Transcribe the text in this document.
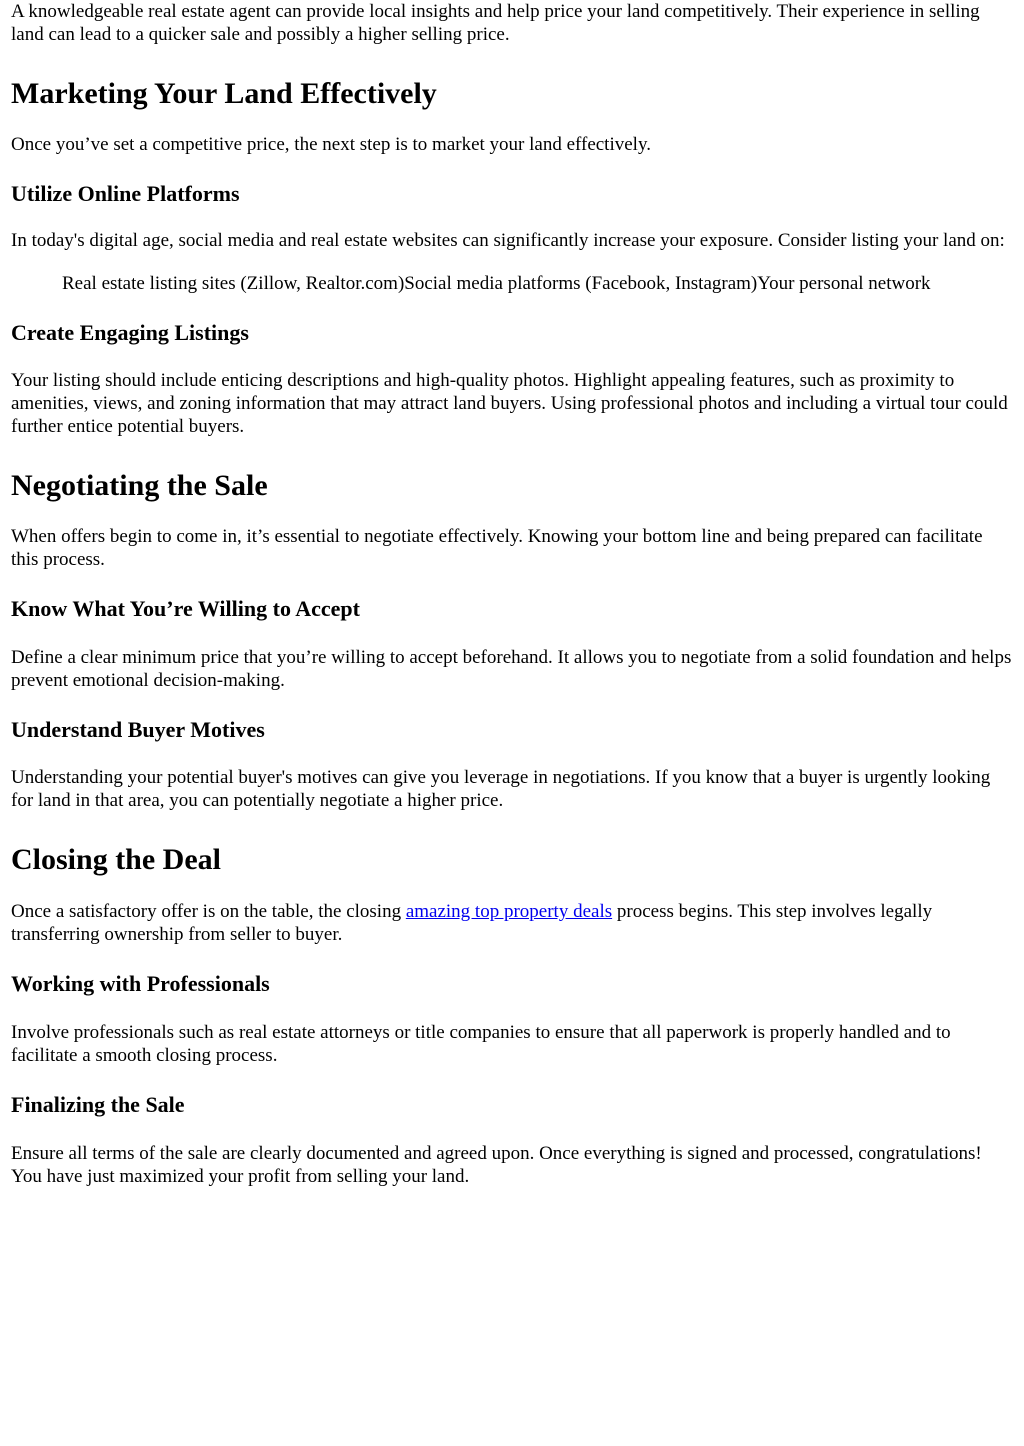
A knowledgeable real estate agent can provide local insights and help price your land competitively. Their experience in selling land can lead to a quicker sale and possibly a higher selling price.

Marketing Your Land Effectively

Once you’ve set a competitive price, the next step is to market your land effectively.

Utilize Online Platforms

In today's digital age, social media and real estate websites can significantly increase your exposure. Consider listing your land on:

Real estate listing sites (Zillow, Realtor.com)Social media platforms (Facebook, Instagram)Your personal network
Create Engaging Listings

Your listing should include enticing descriptions and high-quality photos. Highlight appealing features, such as proximity to amenities, views, and zoning information that may attract land buyers. Using professional photos and including a virtual tour could further entice potential buyers.

Negotiating the Sale

When offers begin to come in, it’s essential to negotiate effectively. Knowing your bottom line and being prepared can facilitate this process.

Know What You’re Willing to Accept

Define a clear minimum price that you’re willing to accept beforehand. It allows you to negotiate from a solid foundation and helps prevent emotional decision-making.

Understand Buyer Motives

Understanding your potential buyer's motives can give you leverage in negotiations. If you know that a buyer is urgently looking for land in that area, you can potentially negotiate a higher price.

Closing the Deal

Once a satisfactory offer is on the table, the closing amazing top property deals process begins. This step involves legally transferring ownership from seller to buyer.

Working with Professionals

Involve professionals such as real estate attorneys or title companies to ensure that all paperwork is properly handled and to facilitate a smooth closing process.

Finalizing the Sale

Ensure all terms of the sale are clearly documented and agreed upon. Once everything is signed and processed, congratulations! You have just maximized your profit from selling your land.
